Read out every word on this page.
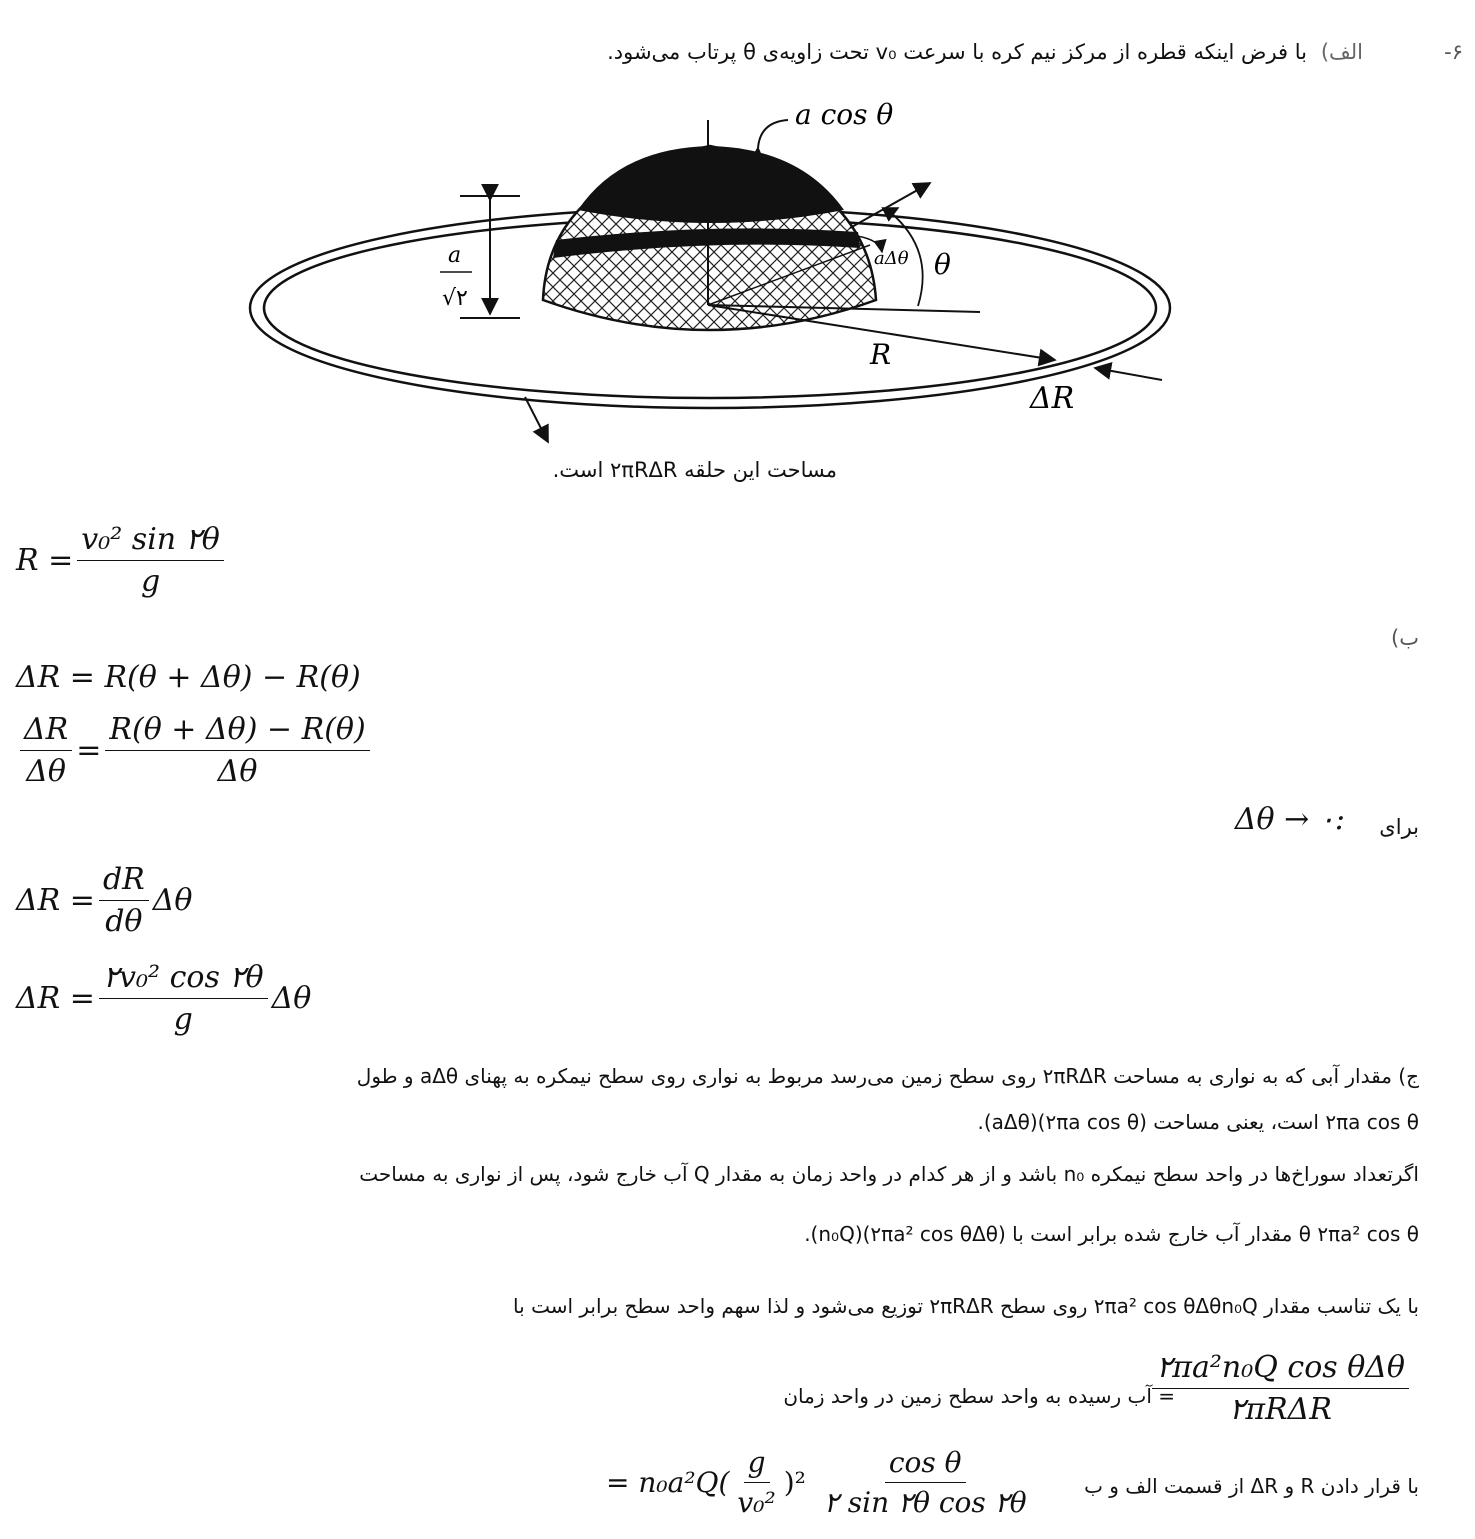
۶-
الف)
با فرض اینکه قطره از مرکز نیم کره با سرعت v₀ تحت زاویه‌ی θ پرتاب می‌شود.
a cos θ
a
√۲
aΔθ θ
R
ΔR
مساحت این حلقه ۲πRΔR است.
$R = \frac{\text{v₀² sin ۲θ}}{g}$
ب)
ΔR = R(θ + Δθ) − R(θ)
$\frac{\Delta R}{\Delta\theta} = \frac{R(\theta + \Delta\theta) - R(\theta)}{\Delta\theta}$
برای
:Δθ → ۰
$\Delta R = \frac{dR}{d\theta}$ Δθ
$\Delta R = \frac{\text{۲v₀² cos ۲θ}}{g}$ Δθ
ج) مقدار آبی که به نواری به مساحت ۲πRΔR روی سطح زمین می‌رسد مربوط به نواری روی سطح نیمکره به پهنای aΔθ و طول
۲πa cos θ است، یعنی مساحت (۲πa cos θ)(aΔθ).
اگرتعداد سوراخ‌ها در واحد سطح نیمکره n₀ باشد و از هر کدام در واحد زمان به مقدار Q آب خارج شود، پس از نواری به مساحت
θ ۲πa² cos θ مقدار آب خارج شده برابر است با (۲πa² cos θΔθ)(n₀Q).
با یک تناسب مقدار ۲πa² cos θΔθn₀Q روی سطح ۲πRΔR توزیع می‌شود و لذا سهم واحد سطح برابر است با
= آب رسیده به واحد سطح زمین در واحد زمان
$\frac{\text{۲πa²n₀Q cos θΔθ}}{\text{۲πRΔR}}$
با قرار دادن R و ΔR از قسمت الف و ب
= $n_0a^2Q( \frac{g}{\text{v₀²}} )^2 \frac{\text{cos θ}}{\text{۲ sin ۲θ cos ۲θ}}$
